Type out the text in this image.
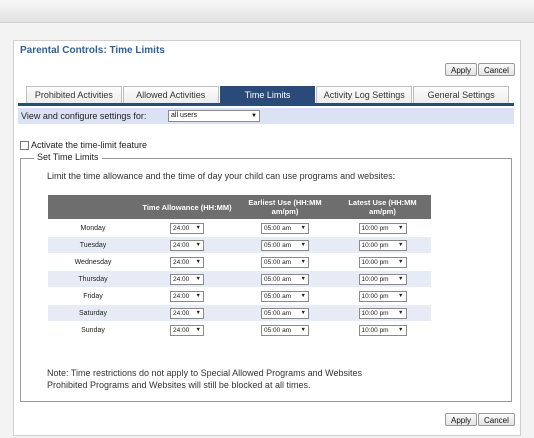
Parental Controls: Time Limits
Apply	Cancel
Prohibited Activities	Allowed Activities	Time Limits	Activity Log Settings	General Settings
View and configure settings for:	all users	▼
Activate the time-limit feature
Set Time Limits
Limit the time allowance and the time of day your child can use programs and websites:
	Time Allowance (HH:MM)	Earliest Use (HH:MM am/pm)	Latest Use (HH:MM am/pm)
Monday	24:00 ▼	05:00 am ▼	10:00 pm ▼

Tuesday	24:00 ▼	05:00 am ▼	10:00 pm ▼

Wednesday	24:00 ▼	05:00 am ▼	10:00 pm ▼

Thursday	24:00 ▼	05:00 am ▼	10:00 pm ▼

Friday	24:00 ▼	05:00 am ▼	10:00 pm ▼

Saturday	24:00 ▼	05:00 am ▼	10:00 pm ▼

Sunday	24:00 ▼	05:00 am ▼	10:00 pm ▼
Note: Time restrictions do not apply to Special Allowed Programs and Websites
Prohibited Programs and Websites will still be blocked at all times.
Apply	Cancel
